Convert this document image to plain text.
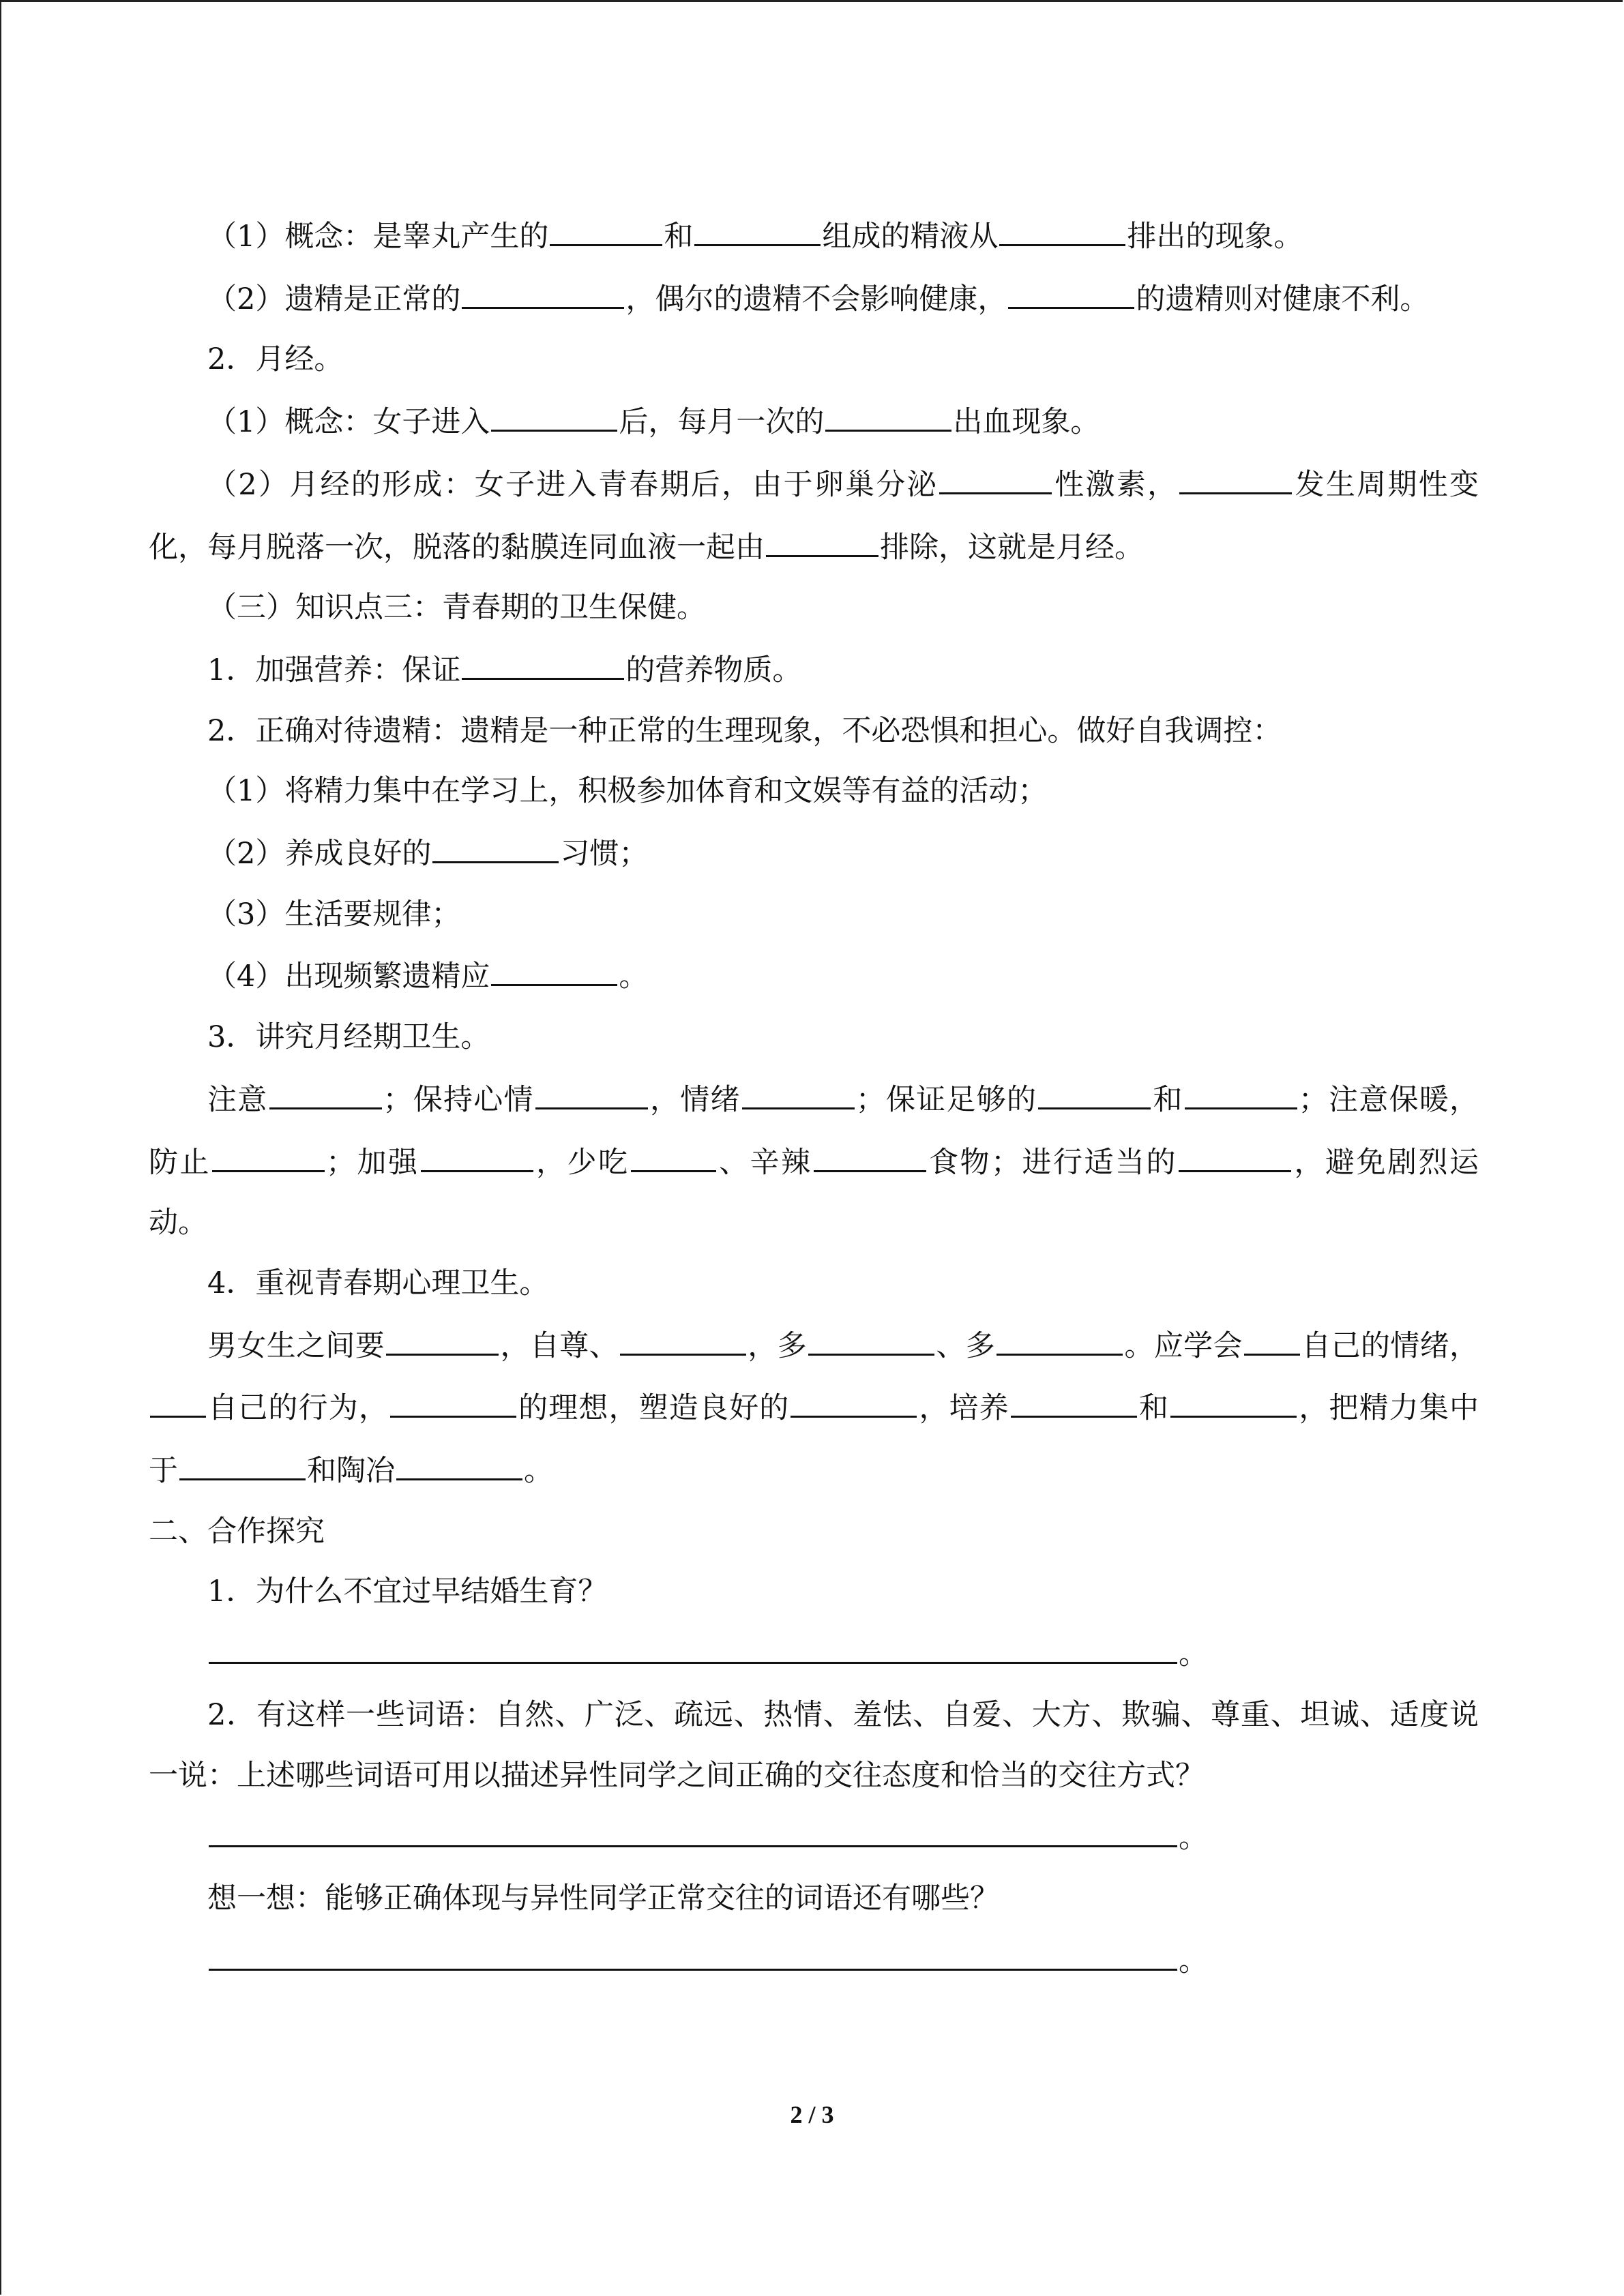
（1）概念：是睾丸产生的	和	组成的精液从	排出的现象。

（2）遗精是正常的	，偶尔的遗精不会影响健康，	的遗精则对健康不利。

2．月经。

（1）概念：女子进入	后，每月一次的	出血现象。

（2）月经的形成：女子进入青春期后，由于卵巢分泌	性激素，	发生周期性变化，每月脱落一次，脱落的黏膜连同血液一起由	排除，这就是月经。

（三）知识点三：青春期的卫生保健。

1．加强营养：保证	的营养物质。

2．正确对待遗精：遗精是一种正常的生理现象，不必恐惧和担心。做好自我调控：

（1）将精力集中在学习上，积极参加体育和文娱等有益的活动；

（2）养成良好的	习惯；

（3）生活要规律；

（4）出现频繁遗精应	。

3．讲究月经期卫生。

注意	；保持心情	，情绪	；保证足够的	和	；注意保暖，防止	；加强	，少吃	、辛辣	食物；进行适当的	，避免剧烈运动。

4．重视青春期心理卫生。

男女生之间要	，自尊、	，多	、多	。应学会 自己的情绪，自己的行为，	的理想，塑造良好的	，培养	和	，把精力集中于	和陶冶	。

二、合作探究

1．为什么不宜过早结婚生育？

。

2．有这样一些词语：自然、广泛、疏远、热情、羞怯、自爱、大方、欺骗、尊重、坦诚、适度说一说：上述哪些词语可用以描述异性同学之间正确的交往态度和恰当的交往方式？

。

想一想：能够正确体现与异性同学正常交往的词语还有哪些？

。

2 / 3
